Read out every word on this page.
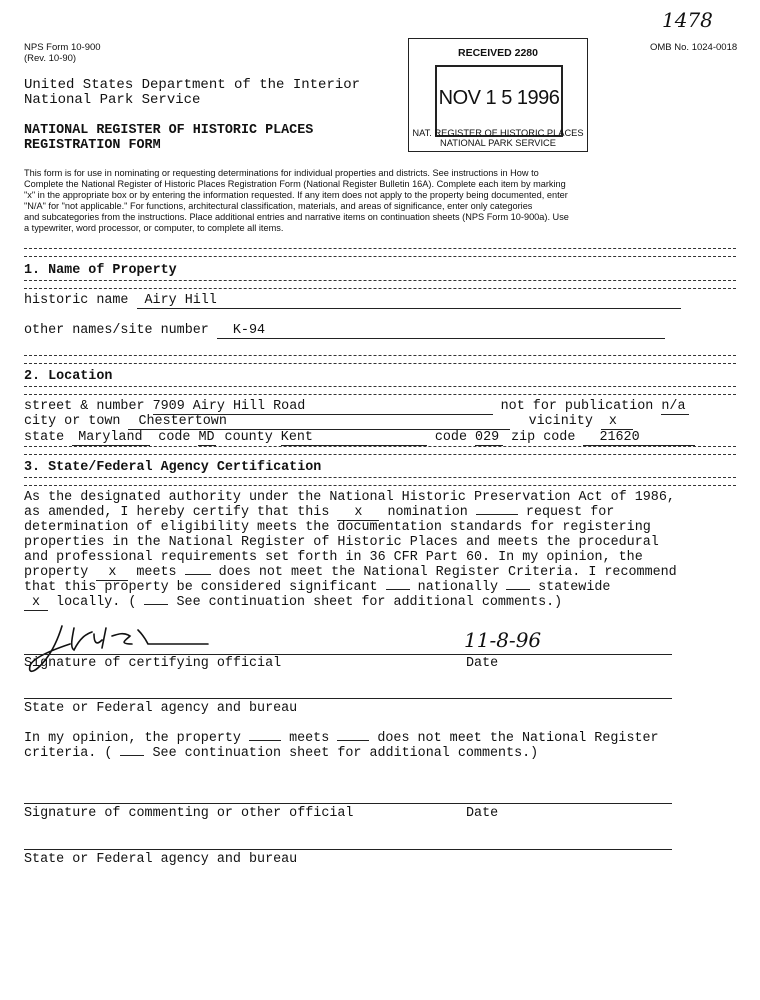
NPS Form 10-900
(Rev. 10-90)
OMB No. 1024-0018
1478
United States Department of the Interior
National Park Service
NATIONAL REGISTER OF HISTORIC PLACES
REGISTRATION FORM
RECEIVED 2280
NOV 1 5 1996
NAT. REGISTER OF HISTORIC PLACES
NATIONAL PARK SERVICE
This form is for use in nominating or requesting determinations for individual properties and districts. See instructions in How to
Complete the National Register of Historic Places Registration Form (National Register Bulletin 16A). Complete each item by marking
"x" in the appropriate box or by entering the information requested. If any item does not apply to the property being documented, enter
"N/A" for "not applicable." For functions, architectural classification, materials, and areas of significance, enter only categories
and subcategories from the instructions. Place additional entries and narrative items on continuation sheets (NPS Form 10-900a). Use
a typewriter, word processor, or computer, to complete all items.
1. Name of Property
historic name Airy Hill
other names/site number K-94
2. Location
street & number 7909 Airy Hill Road	not for publication n/a
city or town Chestertown	vicinity x
state Maryland code MD county Kent	code 029 zip code 21620
3. State/Federal Agency Certification
As the designated authority under the National Historic Preservation Act of 1986,
as amended, I hereby certify that this x nomination	request for
determination of eligibility meets the documentation standards for registering
properties in the National Register of Historic Places and meets the procedural
and professional requirements set forth in 36 CFR Part 60. In my opinion, the
property x meets	does not meet the National Register Criteria. I recommend
that this property be considered significant	nationally	statewide
x locally. (	See continuation sheet for additional comments.)
11-8-96
Signature of certifying official	Date
State or Federal agency and bureau
In my opinion, the property	meets	does not meet the National Register
criteria. (	See continuation sheet for additional comments.)
Signature of commenting or other official	Date
State or Federal agency and bureau
